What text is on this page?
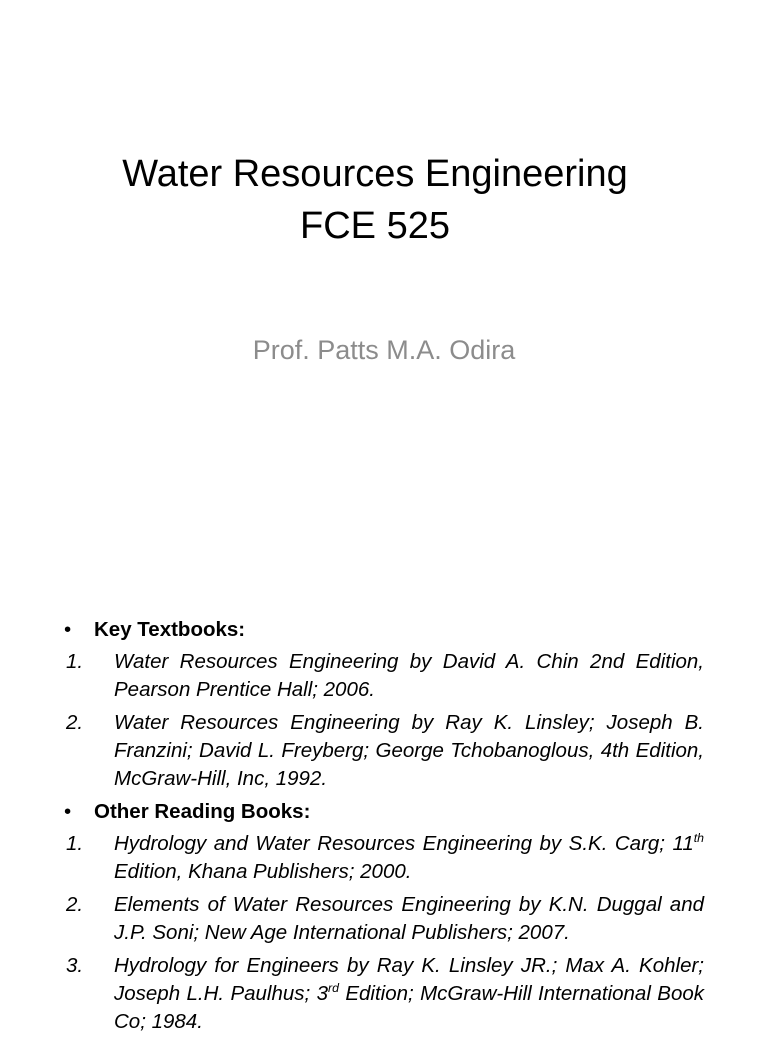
Water Resources Engineering
FCE 525
Prof. Patts M.A. Odira
• Key Textbooks:
1. Water Resources Engineering by David A. Chin 2nd Edition, Pearson Prentice Hall; 2006.
2. Water Resources Engineering by Ray K. Linsley; Joseph B. Franzini; David L. Freyberg; George Tchobanoglous, 4th Edition, McGraw-Hill, Inc, 1992.
• Other Reading Books:
1. Hydrology and Water Resources Engineering by S.K. Carg; 11th Edition, Khana Publishers; 2000.
2. Elements of Water Resources Engineering by K.N. Duggal and J.P. Soni; New Age International Publishers; 2007.
3. Hydrology for Engineers by Ray K. Linsley JR.; Max A. Kohler; Joseph L.H. Paulhus; 3rd Edition; McGraw-Hill International Book Co; 1984.
